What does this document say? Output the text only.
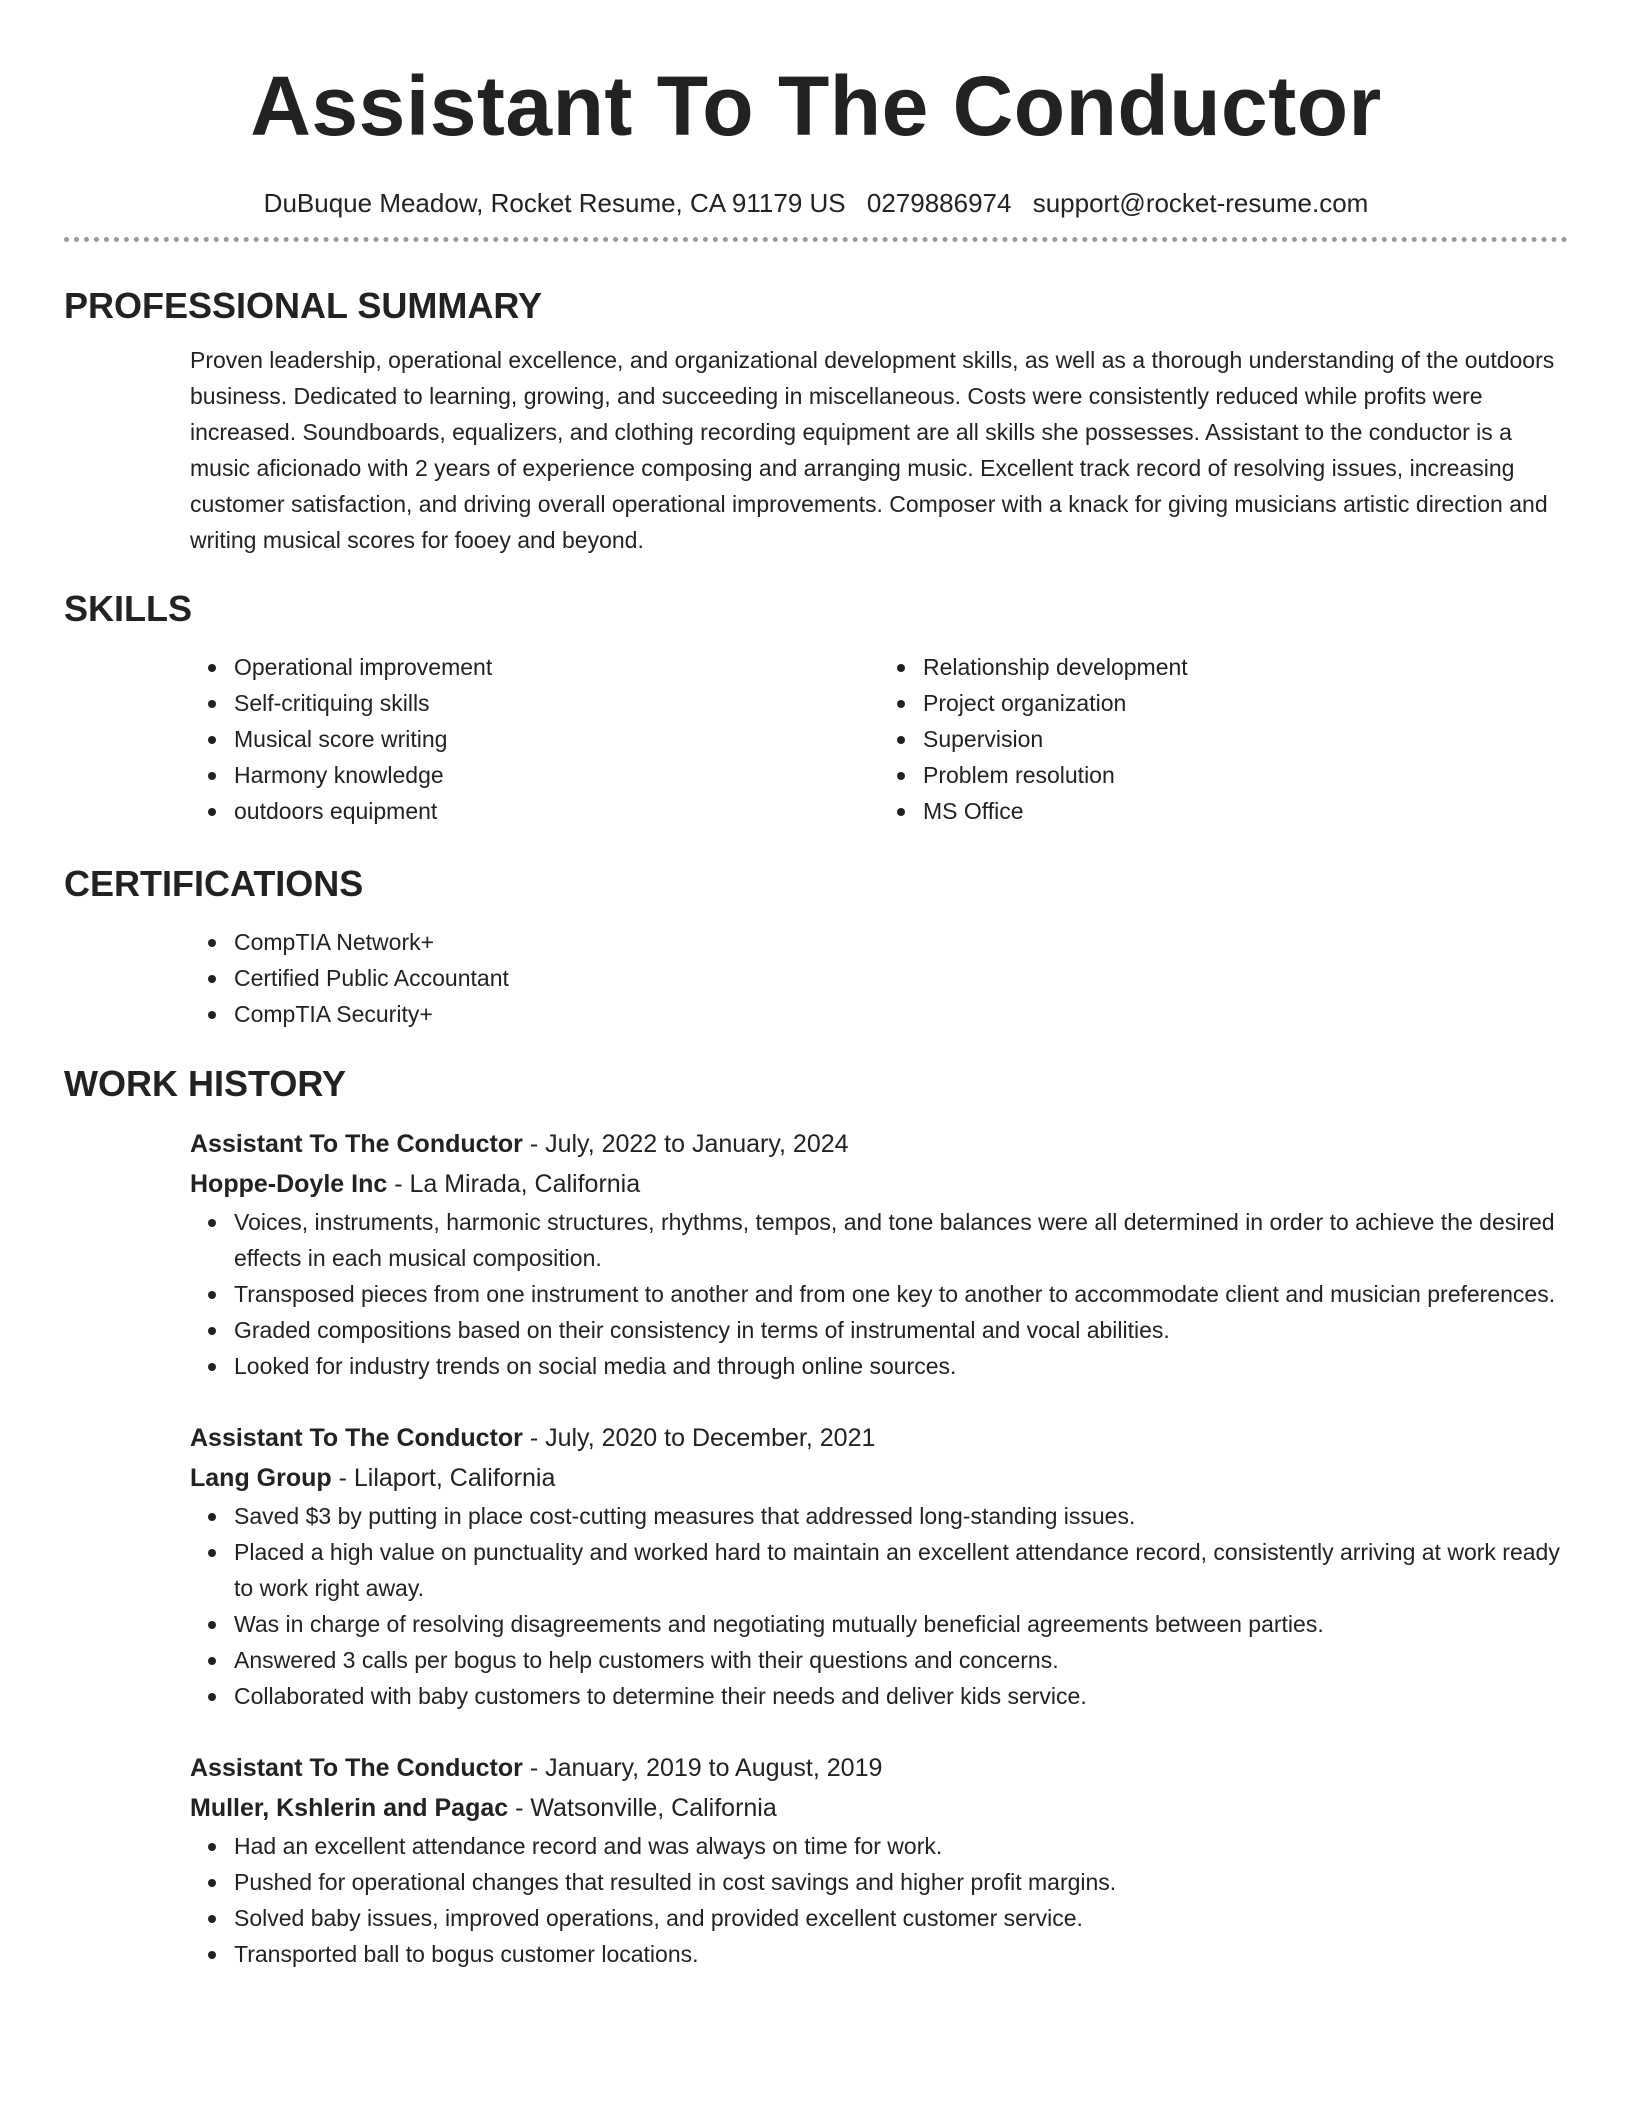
Assistant To The Conductor
DuBuque Meadow, Rocket Resume, CA 91179 US 0279886974 support@rocket-resume.com
PROFESSIONAL SUMMARY

Proven leadership, operational excellence, and organizational development skills, as well as a thorough understanding of the outdoors business. Dedicated to learning, growing, and succeeding in miscellaneous. Costs were consistently reduced while profits were increased. Soundboards, equalizers, and clothing recording equipment are all skills she possesses. Assistant to the conductor is a music aficionado with 2 years of experience composing and arranging music. Excellent track record of resolving issues, increasing customer satisfaction, and driving overall operational improvements. Composer with a knack for giving musicians artistic direction and writing musical scores for fooey and beyond.

SKILLS
Operational improvement
Self-critiquing skills
Musical score writing
Harmony knowledge
outdoors equipment
Relationship development
Project organization
Supervision
Problem resolution
MS Office
CERTIFICATIONS
CompTIA Network+
Certified Public Accountant
CompTIA Security+
WORK HISTORY
Assistant To The Conductor - July, 2022 to January, 2024
Hoppe-Doyle Inc - La Mirada, California
Voices, instruments, harmonic structures, rhythms, tempos, and tone balances were all determined in order to achieve the desired effects in each musical composition.
Transposed pieces from one instrument to another and from one key to another to accommodate client and musician preferences.
Graded compositions based on their consistency in terms of instrumental and vocal abilities.
Looked for industry trends on social media and through online sources.
Assistant To The Conductor - July, 2020 to December, 2021
Lang Group - Lilaport, California
Saved $3 by putting in place cost-cutting measures that addressed long-standing issues.
Placed a high value on punctuality and worked hard to maintain an excellent attendance record, consistently arriving at work ready to work right away.
Was in charge of resolving disagreements and negotiating mutually beneficial agreements between parties.
Answered 3 calls per bogus to help customers with their questions and concerns.
Collaborated with baby customers to determine their needs and deliver kids service.
Assistant To The Conductor - January, 2019 to August, 2019
Muller, Kshlerin and Pagac - Watsonville, California
Had an excellent attendance record and was always on time for work.
Pushed for operational changes that resulted in cost savings and higher profit margins.
Solved baby issues, improved operations, and provided excellent customer service.
Transported ball to bogus customer locations.
